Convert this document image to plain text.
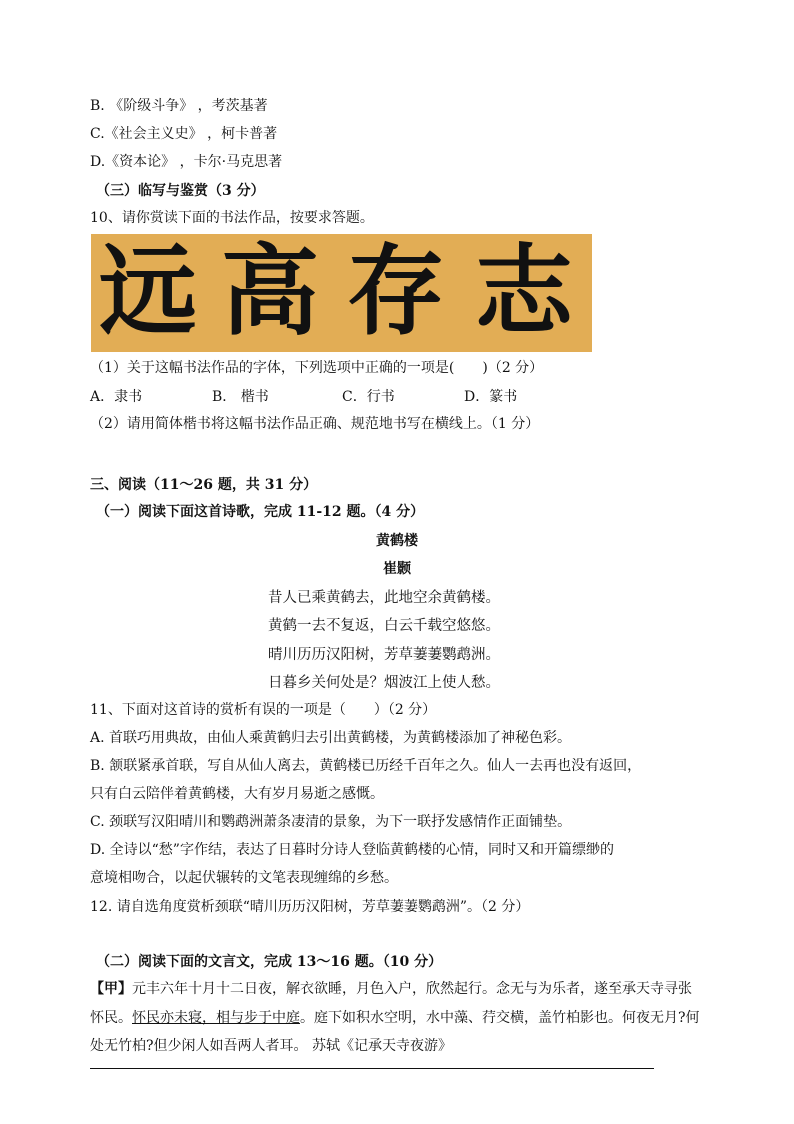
B. 《阶级斗争》 ，考茨基著
C.《社会主义史》 ，柯卡普著
D.《资本论》 ，卡尔·马克思著
（三）临写与鉴赏（3 分）
10、请你赏读下面的书法作品，按要求答题。
远 高 存 志
（1）关于这幅书法作品的字体，下列选项中正确的一项是(　　)（2 分）
A．隶书	B． 楷书	C．行书	D．篆书
（2）请用简体楷书将这幅书法作品正确、规范地书写在横线上。（1 分）
三、阅读（11～26 题，共 31 分）
（一）阅读下面这首诗歌，完成 11-12 题。（4 分）
黄鹤楼
崔颢
昔人已乘黄鹤去，此地空余黄鹤楼。
黄鹤一去不复返，白云千载空悠悠。
晴川历历汉阳树，芳草萋萋鹦鹉洲。
日暮乡关何处是？烟波江上使人愁。
11、下面对这首诗的赏析有误的一项是（　　）（2 分）
A. 首联巧用典故，由仙人乘黄鹤归去引出黄鹤楼，为黄鹤楼添加了神秘色彩。
B. 颔联紧承首联，写自从仙人离去，黄鹤楼已历经千百年之久。仙人一去再也没有返回，
只有白云陪伴着黄鹤楼，大有岁月易逝之感慨。
C. 颈联写汉阳晴川和鹦鹉洲萧条凄清的景象，为下一联抒发感情作正面铺垫。
D. 全诗以“愁”字作结，表达了日暮时分诗人登临黄鹤楼的心情，同时又和开篇缥缈的
意境相吻合，以起伏辗转的文笔表现缠绵的乡愁。
12. 请自选角度赏析颈联“晴川历历汉阳树，芳草萋萋鹦鹉洲”。（2 分）
（二）阅读下面的文言文，完成 13～16 题。（10 分）
【甲】元丰六年十月十二日夜，解衣欲睡，月色入户，欣然起行。念无与为乐者，遂至承天寺寻张
怀民。怀民亦未寝，相与步于中庭。庭下如积水空明，水中藻、荇交横，盖竹柏影也。何夜无月?何
处无竹柏?但少闲人如吾两人者耳。 苏轼《记承天寺夜游》
